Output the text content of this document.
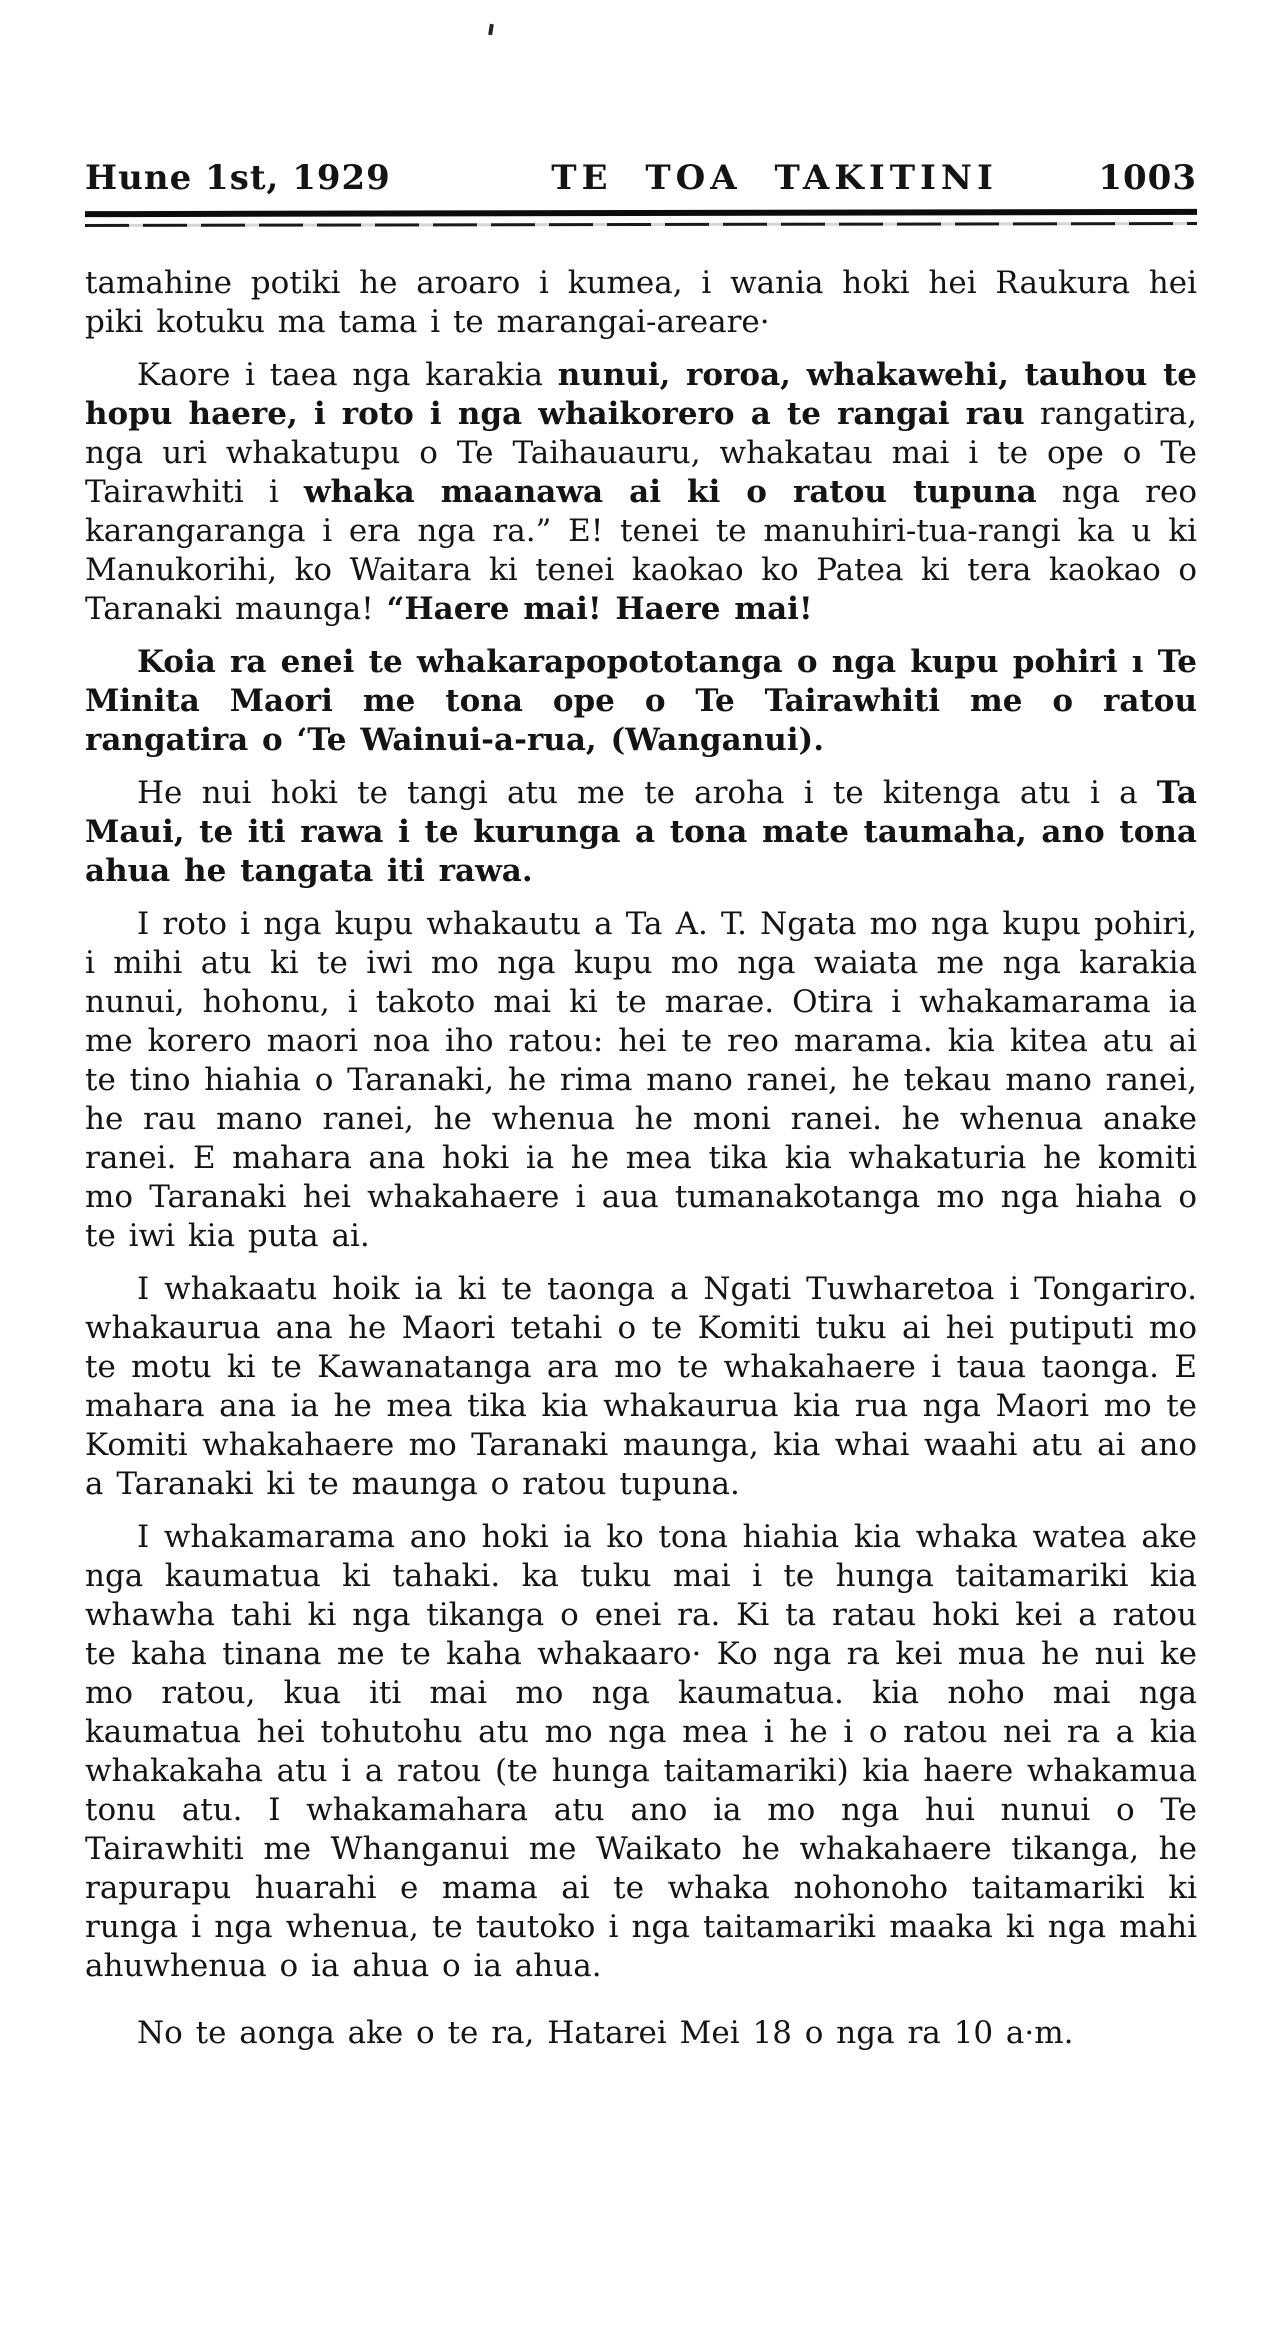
Hune 1st, 1929	TE TOA TAKITINI	1003

tamahine potiki he aroaro i kumea, i wania hoki hei Raukura hei piki kotuku ma tama i te marangai-areare·

Kaore i taea nga karakia nunui, roroa, whakawehi, tauhou te hopu haere, i roto i nga whaikorero a te rangai rau rangatira, nga uri whakatupu o Te Taihauauru, whakatau mai i te ope o Te Tairawhiti i whaka maanawa ai ki o ratou tupuna nga reo karangaranga i era nga ra.” E! tenei te manuhiri-tua-rangi ka u ki Manukorihi, ko Waitara ki tenei kaokao ko Patea ki tera kaokao o Taranaki maunga! “Haere mai! Haere mai!

Koia ra enei te whakarapopototanga o nga kupu pohiri ı Te Minita Maori me tona ope o Te Tairawhiti me o ratou rangatira o ‘Te Wainui-a-rua, (Wanganui).

He nui hoki te tangi atu me te aroha i te kitenga atu i a Ta Maui, te iti rawa i te kurunga a tona mate taumaha, ano tona ahua he tangata iti rawa.

I roto i nga kupu whakautu a Ta A. T. Ngata mo nga kupu pohiri, i mihi atu ki te iwi mo nga kupu mo nga waiata me nga karakia nunui, hohonu, i takoto mai ki te marae. Otira i whakamarama ia me korero maori noa iho ratou: hei te reo marama. kia kitea atu ai te tino hiahia o Taranaki, he rima mano ranei, he tekau mano ranei, he rau mano ranei, he whenua he moni ranei. he whenua anake ranei. E mahara ana hoki ia he mea tika kia whakaturia he komiti mo Taranaki hei whakahaere i aua tumanakotanga mo nga hiaha o te iwi kia puta ai.

I whakaatu hoik ia ki te taonga a Ngati Tuwharetoa i Tongariro. whakaurua ana he Maori tetahi o te Komiti tuku ai hei putiputi mo te motu ki te Kawanatanga ara mo te whakahaere i taua taonga. E mahara ana ia he mea tika kia whakaurua kia rua nga Maori mo te Komiti whakahaere mo Taranaki maunga, kia whai waahi atu ai ano a Taranaki ki te maunga o ratou tupuna.

I whakamarama ano hoki ia ko tona hiahia kia whaka watea ake nga kaumatua ki tahaki. ka tuku mai i te hunga taitamariki kia whawha tahi ki nga tikanga o enei ra. Ki ta ratau hoki kei a ratou te kaha tinana me te kaha whakaaro· Ko nga ra kei mua he nui ke mo ratou, kua iti mai mo nga kaumatua. kia noho mai nga kaumatua hei tohutohu atu mo nga mea i he i o ratou nei ra a kia whakakaha atu i a ratou (te hunga taitamariki) kia haere whakamua tonu atu. I whakamahara atu ano ia mo nga hui nunui o Te Tairawhiti me Whanganui me Waikato he whakahaere tikanga, he rapurapu huarahi e mama ai te whaka nohonoho taitamariki ki runga i nga whenua, te tautoko i nga taitamariki maaka ki nga mahi ahuwhenua o ia ahua o ia ahua.

No te aonga ake o te ra, Hatarei Mei 18 o nga ra 10 a·m.
